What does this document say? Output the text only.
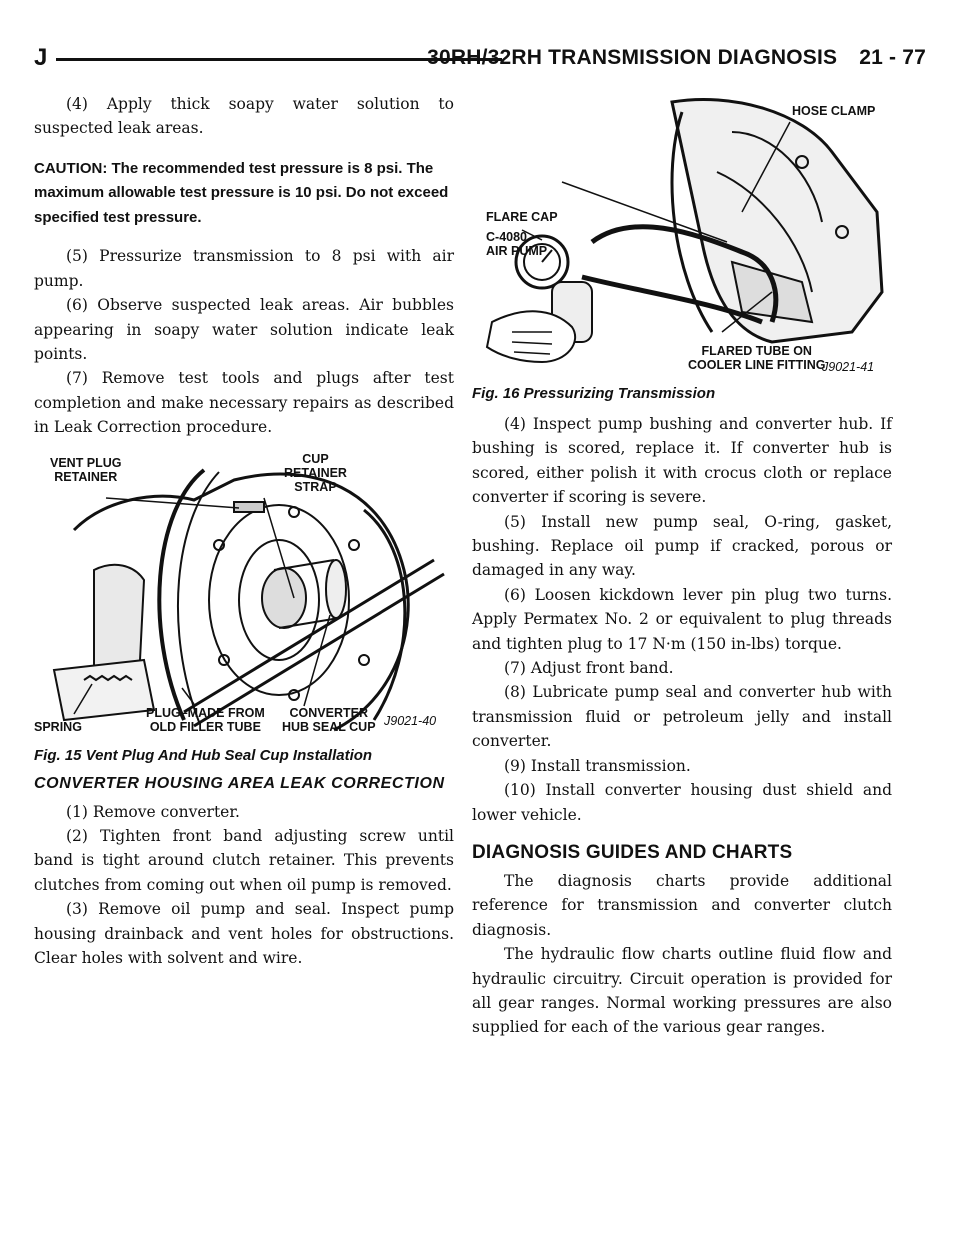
J	30RH/32RH TRANSMISSION DIAGNOSIS 21 - 77

(4) Apply thick soapy water solution to suspected leak areas.

CAUTION: The recommended test pressure is 8 psi. The maximum allowable test pressure is 10 psi. Do not exceed specified test pressure.

(5) Pressurize transmission to 8 psi with air pump.

(6) Observe suspected leak areas. Air bubbles appearing in soapy water solution indicate leak points.

(7) Remove test tools and plugs after test completion and make necessary repairs as described in Leak Correction procedure.

VENT PLUG
RETAINER
CUP
RETAINER
STRAP
SPRING
PLUG–MADE FROM
OLD FILLER TUBE
CONVERTER
HUB SEAL CUP J9021-40

Fig. 15 Vent Plug And Hub Seal Cup Installation

CONVERTER HOUSING AREA LEAK CORRECTION

(1) Remove converter.

(2) Tighten front band adjusting screw until band is tight around clutch retainer. This prevents clutches from coming out when oil pump is removed.

(3) Remove oil pump and seal. Inspect pump housing drainback and vent holes for obstructions. Clear holes with solvent and wire.

HOSE CLAMP
FLARE CAP
C-4080
AIR PUMP
FLARED TUBE ON
COOLER LINE FITTING
J9021-41

Fig. 16 Pressurizing Transmission

(4) Inspect pump bushing and converter hub. If bushing is scored, replace it. If converter hub is scored, either polish it with crocus cloth or replace converter if scoring is severe.

(5) Install new pump seal, O-ring, gasket, bushing. Replace oil pump if cracked, porous or damaged in any way.

(6) Loosen kickdown lever pin plug two turns. Apply Permatex No. 2 or equivalent to plug threads and tighten plug to 17 N·m (150 in-lbs) torque.

(7) Adjust front band.

(8) Lubricate pump seal and converter hub with transmission fluid or petroleum jelly and install converter.

(9) Install transmission.

(10) Install converter housing dust shield and lower vehicle.

DIAGNOSIS GUIDES AND CHARTS

The diagnosis charts provide additional reference for transmission and converter clutch diagnosis.

The hydraulic flow charts outline fluid flow and hydraulic circuitry. Circuit operation is provided for all gear ranges. Normal working pressures are also supplied for each of the various gear ranges.
